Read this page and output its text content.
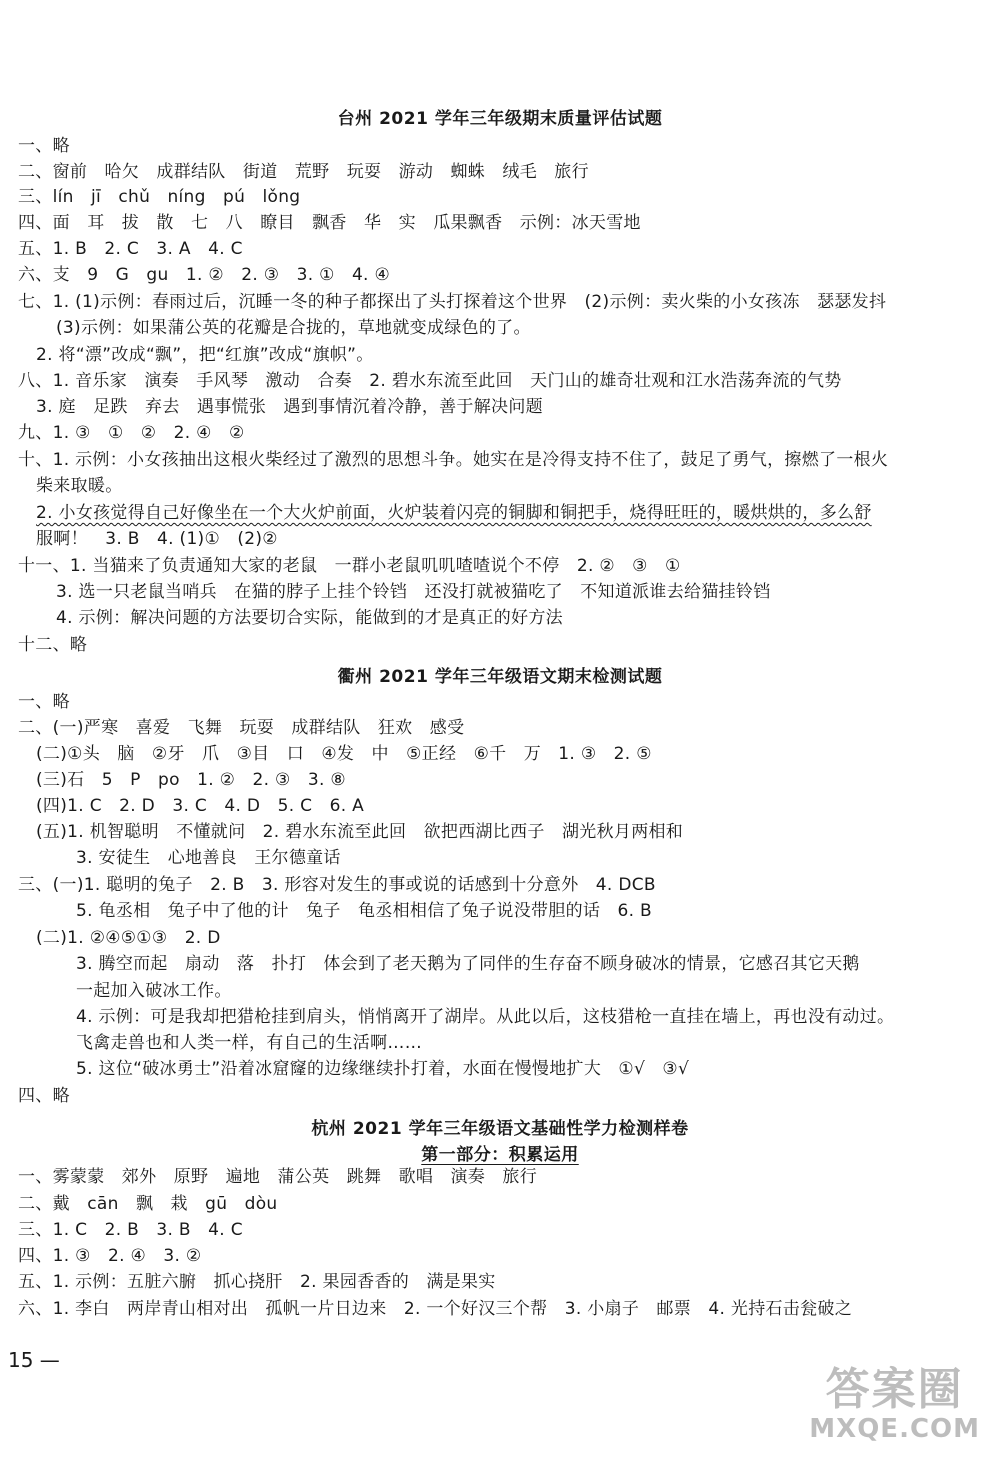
台州 2021 学年三年级期末质量评估试题
一、略
二、窗前　哈欠　成群结队　街道　荒野　玩耍　游动　蜘蛛　绒毛　旅行
三、lín　jī　chǔ　níng　pú　lǒng
四、面　耳　拔　散　七　八　瞭目　飘香　华　实　瓜果飘香　示例：冰天雪地
五、1. B　2. C　3. A　4. C
六、支　9　G　gu　1. ②　2. ③　3. ①　4. ④
七、1. (1)示例：春雨过后，沉睡一冬的种子都探出了头打探着这个世界　(2)示例：卖火柴的小女孩冻　瑟瑟发抖
(3)示例：如果蒲公英的花瓣是合拢的，草地就变成绿色的了。
2. 将“漂”改成“飘”，把“红旗”改成“旗帜”。
八、1. 音乐家　演奏　手风琴　激动　合奏　2. 碧水东流至此回　天门山的雄奇壮观和江水浩荡奔流的气势
3. 庭　足跌　弃去　遇事慌张　遇到事情沉着冷静，善于解决问题
九、1. ③　①　②　2. ④　②
十、1. 示例：小女孩抽出这根火柴经过了激烈的思想斗争。她实在是冷得支持不住了，鼓足了勇气，擦燃了一根火
柴来取暖。
2. 小女孩觉得自己好像坐在一个大火炉前面，火炉装着闪亮的铜脚和铜把手，烧得旺旺的，暖烘烘的，多么舒
服啊！　3. B　4. (1)①　(2)②
十一、1. 当猫来了负责通知大家的老鼠　一群小老鼠叽叽喳喳说个不停　2. ②　③　①
3. 选一只老鼠当哨兵　在猫的脖子上挂个铃铛　还没打就被猫吃了　不知道派谁去给猫挂铃铛
4. 示例：解决问题的方法要切合实际，能做到的才是真正的好方法
十二、略
衢州 2021 学年三年级语文期末检测试题
一、略
二、(一)严寒　喜爱　飞舞　玩耍　成群结队　狂欢　感受
(二)①头　脑　②牙　爪　③目　口　④发　中　⑤正经　⑥千　万　1. ③　2. ⑤
(三)石　5　P　po　1. ②　2. ③　3. ⑧
(四)1. C　2. D　3. C　4. D　5. C　6. A
(五)1. 机智聪明　不懂就问　2. 碧水东流至此回　欲把西湖比西子　湖光秋月两相和
3. 安徒生　心地善良　王尔德童话
三、(一)1. 聪明的兔子　2. B　3. 形容对发生的事或说的话感到十分意外　4. DCB
5. 龟丞相　兔子中了他的计　兔子　龟丞相相信了兔子说没带胆的话　6. B
(二)1. ②④⑤①③　2. D
3. 腾空而起　扇动　落　扑打　体会到了老天鹅为了同伴的生存奋不顾身破冰的情景，它感召其它天鹅
一起加入破冰工作。
4. 示例：可是我却把猎枪挂到肩头，悄悄离开了湖岸。从此以后，这枝猎枪一直挂在墙上，再也没有动过。
飞禽走兽也和人类一样，有自己的生活啊……
5. 这位“破冰勇士”沿着冰窟窿的边缘继续扑打着，水面在慢慢地扩大　①√　③√
四、略
杭州 2021 学年三年级语文基础性学力检测样卷
第一部分：积累运用
一、雾蒙蒙　郊外　原野　遍地　蒲公英　跳舞　歌唱　演奏　旅行
二、戴　cān　飘　栽　gū　dòu
三、1. C　2. B　3. B　4. C
四、1. ③　2. ④　3. ②
五、1. 示例：五脏六腑　抓心挠肝　2. 果园香香的　满是果实
六、1. 李白　两岸青山相对出　孤帆一片日边来　2. 一个好汉三个帮　3. 小扇子　邮票　4. 光持石击瓮破之
15 —
答案圈
MXQE.COM
